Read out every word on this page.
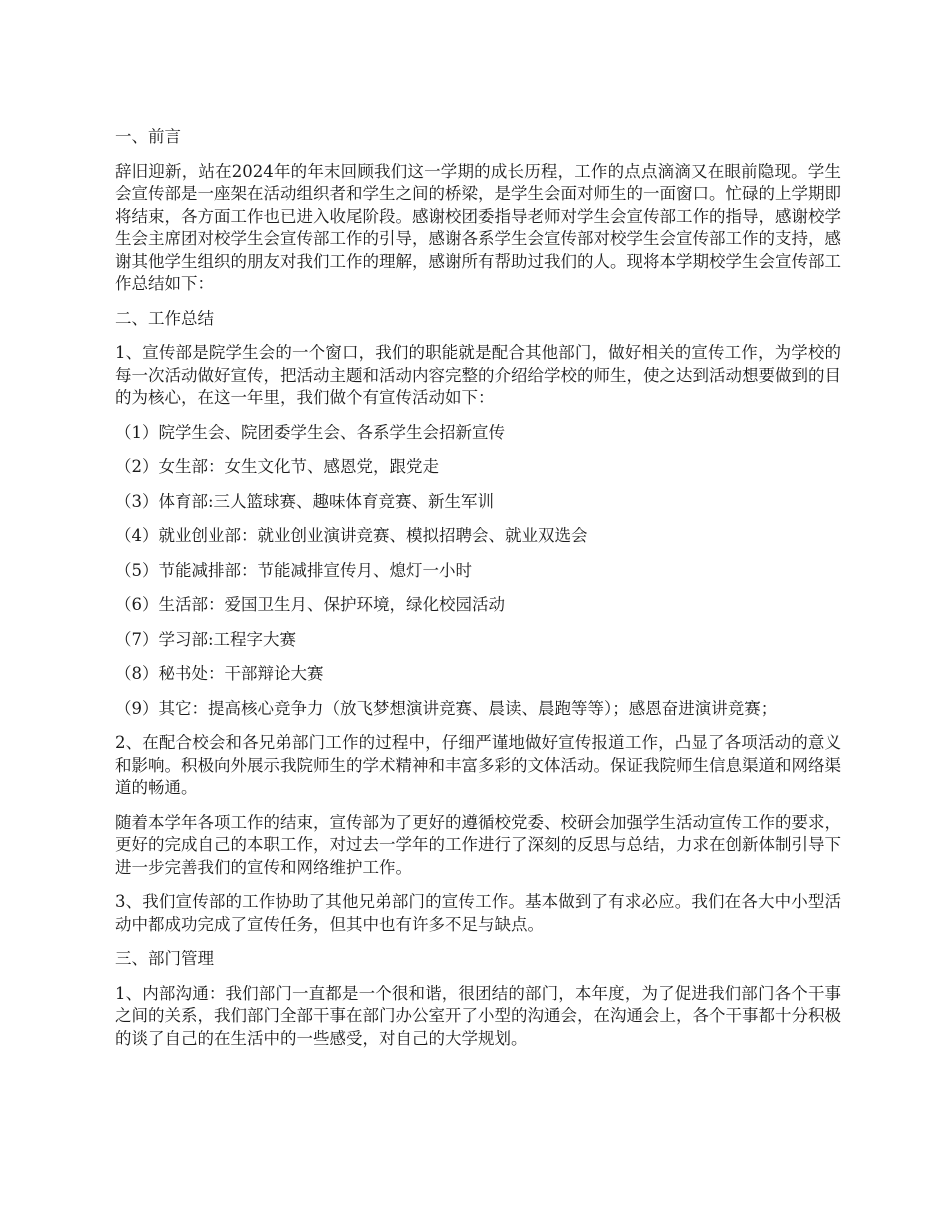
一、前言

辞旧迎新，站在2024年的年末回顾我们这一学期的成长历程，工作的点点滴滴又在眼前隐现。学生会宣传部是一座架在活动组织者和学生之间的桥梁，是学生会面对师生的一面窗口。忙碌的上学期即将结束，各方面工作也已进入收尾阶段。感谢校团委指导老师对学生会宣传部工作的指导，感谢校学生会主席团对校学生会宣传部工作的引导，感谢各系学生会宣传部对校学生会宣传部工作的支持，感谢其他学生组织的朋友对我们工作的理解，感谢所有帮助过我们的人。现将本学期校学生会宣传部工作总结如下：

二、工作总结

1、宣传部是院学生会的一个窗口，我们的职能就是配合其他部门，做好相关的宣传工作，为学校的每一次活动做好宣传，把活动主题和活动内容完整的介绍给学校的师生，使之达到活动想要做到的目的为核心，在这一年里，我们做个有宣传活动如下：

（1）院学生会、院团委学生会、各系学生会招新宣传

（2）女生部：女生文化节、感恩党，跟党走

（3）体育部:三人篮球赛、趣味体育竞赛、新生军训

（4）就业创业部：就业创业演讲竞赛、模拟招聘会、就业双选会

（5）节能减排部：节能减排宣传月、熄灯一小时

（6）生活部：爱国卫生月、保护环境，绿化校园活动

（7）学习部:工程字大赛

（8）秘书处：干部辩论大赛

（9）其它：提高核心竞争力（放飞梦想演讲竞赛、晨读、晨跑等等）；感恩奋进演讲竞赛；

2、在配合校会和各兄弟部门工作的过程中，仔细严谨地做好宣传报道工作，凸显了各项活动的意义和影响。积极向外展示我院师生的学术精神和丰富多彩的文体活动。保证我院师生信息渠道和网络渠道的畅通。

随着本学年各项工作的结束，宣传部为了更好的遵循校党委、校研会加强学生活动宣传工作的要求，更好的完成自己的本职工作，对过去一学年的工作进行了深刻的反思与总结，力求在创新体制引导下进一步完善我们的宣传和网络维护工作。

3、我们宣传部的工作协助了其他兄弟部门的宣传工作。基本做到了有求必应。我们在各大中小型活动中都成功完成了宣传任务，但其中也有许多不足与缺点。

三、部门管理

1、内部沟通：我们部门一直都是一个很和谐，很团结的部门，本年度，为了促进我们部门各个干事之间的关系，我们部门全部干事在部门办公室开了小型的沟通会，在沟通会上，各个干事都十分积极的谈了自己的在生活中的一些感受，对自己的大学规划。
